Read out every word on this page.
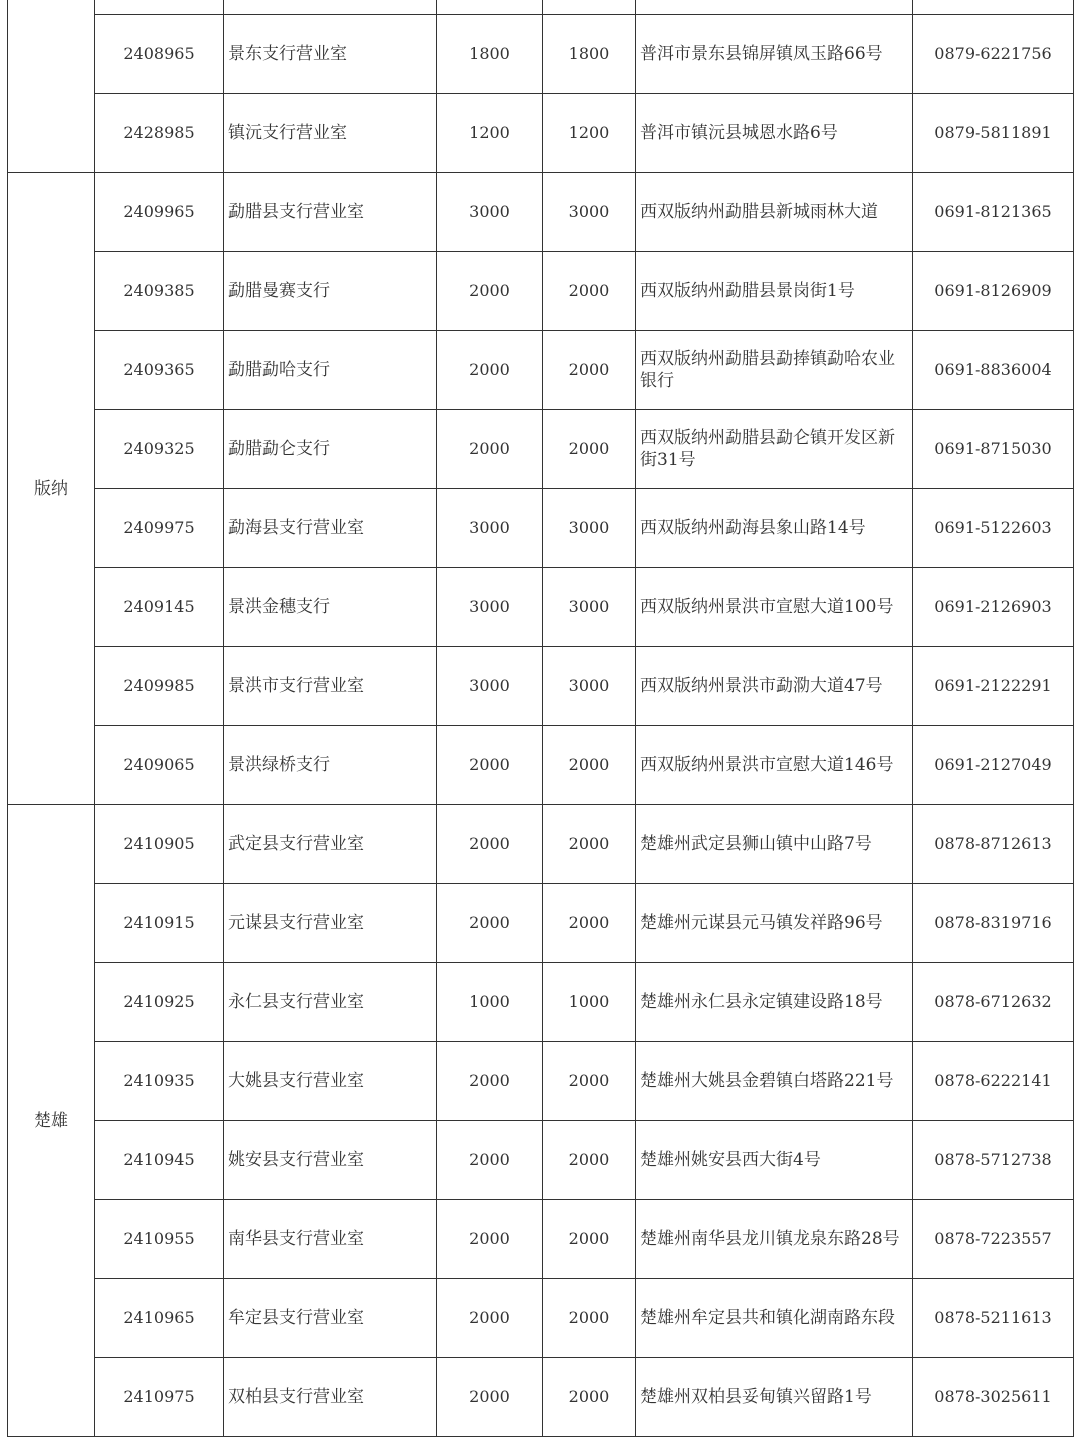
	2408965	景东支行营业室	1800	1800	普洱市景东县锦屏镇凤玉路66号	0879-6221756
	2428985	镇沅支行营业室	1200	1200	普洱市镇沅县城恩水路6号	0879-5811891
版纳	2409965	勐腊县支行营业室	3000	3000	西双版纳州勐腊县新城雨林大道	0691-8121365
	2409385	勐腊曼赛支行	2000	2000	西双版纳州勐腊县景岗街1号	0691-8126909
	2409365	勐腊勐哈支行	2000	2000	西双版纳州勐腊县勐捧镇勐哈农业银行	0691-8836004
	2409325	勐腊勐仑支行	2000	2000	西双版纳州勐腊县勐仑镇开发区新街31号	0691-8715030
	2409975	勐海县支行营业室	3000	3000	西双版纳州勐海县象山路14号	0691-5122603
	2409145	景洪金穗支行	3000	3000	西双版纳州景洪市宣慰大道100号	0691-2126903
	2409985	景洪市支行营业室	3000	3000	西双版纳州景洪市勐泐大道47号	0691-2122291
	2409065	景洪绿桥支行	2000	2000	西双版纳州景洪市宣慰大道146号	0691-2127049
楚雄	2410905	武定县支行营业室	2000	2000	楚雄州武定县狮山镇中山路7号	0878-8712613
	2410915	元谋县支行营业室	2000	2000	楚雄州元谋县元马镇发祥路96号	0878-8319716
	2410925	永仁县支行营业室	1000	1000	楚雄州永仁县永定镇建设路18号	0878-6712632
	2410935	大姚县支行营业室	2000	2000	楚雄州大姚县金碧镇白塔路221号	0878-6222141
	2410945	姚安县支行营业室	2000	2000	楚雄州姚安县西大街4号	0878-5712738
	2410955	南华县支行营业室	2000	2000	楚雄州南华县龙川镇龙泉东路28号	0878-7223557
	2410965	牟定县支行营业室	2000	2000	楚雄州牟定县共和镇化湖南路东段	0878-5211613
	2410975	双柏县支行营业室	2000	2000	楚雄州双柏县妥甸镇兴留路1号	0878-3025611
